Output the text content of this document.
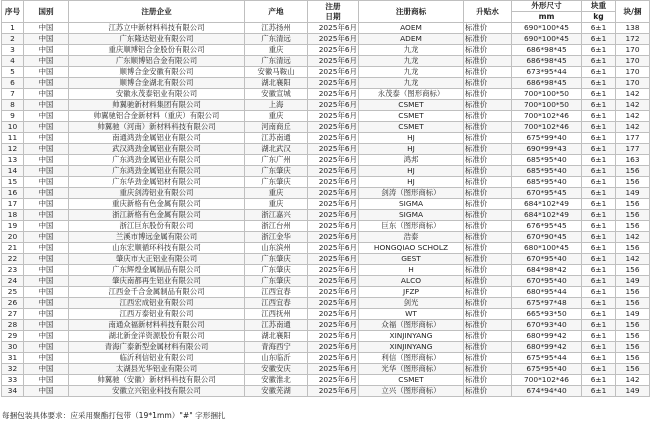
序号	国别	注册企业	产地	注册
日期	注册商标	升贴水	外形尺寸	块重	块/捆
							mm	kg	
1	中国	江苏立中新材料科技有限公司	江苏扬州	2025年6月	AOEM	标准价	690*100*45	6±1	138
2	中国	广东隆达铝业有限公司	广东清远	2025年6月	ADEM	标准价	690*100*45	6±1	172
3	中国	重庆顺博铝合金股份有限公司	重庆	2025年6月	九龙	标准价	686*98*45	6±1	170
4	中国	广东顺博铝合金有限公司	广东清远	2025年6月	九龙	标准价	686*98*45	6±1	170
5	中国	顺博合金安徽有限公司	安徽马鞍山	2025年6月	九龙	标准价	673*95*44	6±1	170
6	中国	顺博合金湖北有限公司	湖北襄阳	2025年6月	九龙	标准价	686*98*45	6±1	170
7	中国	安徽永茂泰铝业有限公司	安徽宣城	2025年6月	永茂泰（图形商标）	标准价	700*100*50	6±1	142
8	中国	帅翼驰新材料集团有限公司	上海	2025年6月	CSMET	标准价	700*100*50	6±1	142
9	中国	帅翼驰铝合金新材料（重庆）有限公司	重庆	2025年6月	CSMET	标准价	700*102*46	6±1	142
10	中国	帅翼驰（河南）新材料科技有限公司	河南商丘	2025年6月	CSMET	标准价	700*102*46	6±1	142
11	中国	南通鸿劲金属铝业有限公司	江苏南通	2025年6月	HJ	标准价	675*99*40	6±1	177
12	中国	武汉鸿劲金属铝业有限公司	湖北武汉	2025年6月	HJ	标准价	690*99*43	6±1	177
13	中国	广东鸿劲金属铝业有限公司	广东广州	2025年6月	鸿邦	标准价	685*95*40	6±1	163
14	中国	广东鸿劲金属铝业有限公司	广东肇庆	2025年6月	HJ	标准价	685*95*40	6±1	156
15	中国	广东华劲金属铝材有限公司	广东肇庆	2025年6月	HJ	标准价	685*95*40	6±1	156
16	中国	重庆剑涛铝业有限公司	重庆	2025年6月	剑涛（图形商标）	标准价	670*95*45	6±1	149
17	中国	重庆新格有色金属有限公司	重庆	2025年6月	SIGMA	标准价	684*102*49	6±1	156
18	中国	浙江新格有色金属有限公司	浙江嘉兴	2025年6月	SIGMA	标准价	684*102*49	6±1	156
19	中国	浙江巨东股份有限公司	浙江台州	2025年6月	巨东（图形商标）	标准价	676*95*45	6±1	156
20	中国	兰溪市博远金属有限公司	浙江金华	2025年6月	浩泰	标准价	670*90*45	6±1	142
21	中国	山东宏顺循环科技有限公司	山东滨州	2025年6月	HONGQIAO SCHOLZ	标准价	680*100*45	6±1	156
22	中国	肇庆市大正铝业有限公司	广东肇庆	2025年6月	GEST	标准价	670*95*40	6±1	142
23	中国	广东辉煌金属制品有限公司	广东肇庆	2025年6月	H	标准价	684*98*42	6±1	156
24	中国	肇庆南都再生铝业有限公司	广东肇庆	2025年6月	ALCO	标准价	670*95*40	6±1	149
25	中国	江西金千合金属制品有限公司	江西宜春	2025年6月	JFZP	标准价	680*95*44	6±1	156
26	中国	江西宏成铝业有限公司	江西宜春	2025年6月	剑光	标准价	675*97*48	6±1	156
27	中国	江西万泰铝业有限公司	江西抚州	2025年6月	WT	标准价	665*93*50	6±1	149
28	中国	南通众福新材料科技有限公司	江苏南通	2025年6月	众福（图形商标）	标准价	670*93*40	6±1	156
29	中国	湖北新金洋资源股份有限公司	湖北襄阳	2025年6月	XINJINYANG	标准价	680*99*42	6±1	156
30	中国	青海广泰新型金属材料有限公司	青海西宁	2025年6月	XINJINYANG	标准价	680*99*42	6±1	156
31	中国	临沂利信铝业有限公司	山东临沂	2025年6月	利信（图形商标）	标准价	675*95*44	6±1	156
32	中国	太湖县光华铝业有限公司	安徽安庆	2025年6月	光华（图形商标）	标准价	675*95*40	6±1	156
33	中国	帅翼驰（安徽）新材料科技有限公司	安徽淮北	2025年6月	CSMET	标准价	700*102*46	6±1	142
34	中国	安徽立兴铝业科技有限公司	安徽芜湖	2025年6月	立兴（图形商标）	标准价	674*94*40	6±1	149
每捆包装具体要求：应采用聚酯打包带（19*1mm）"#" 字形捆扎
